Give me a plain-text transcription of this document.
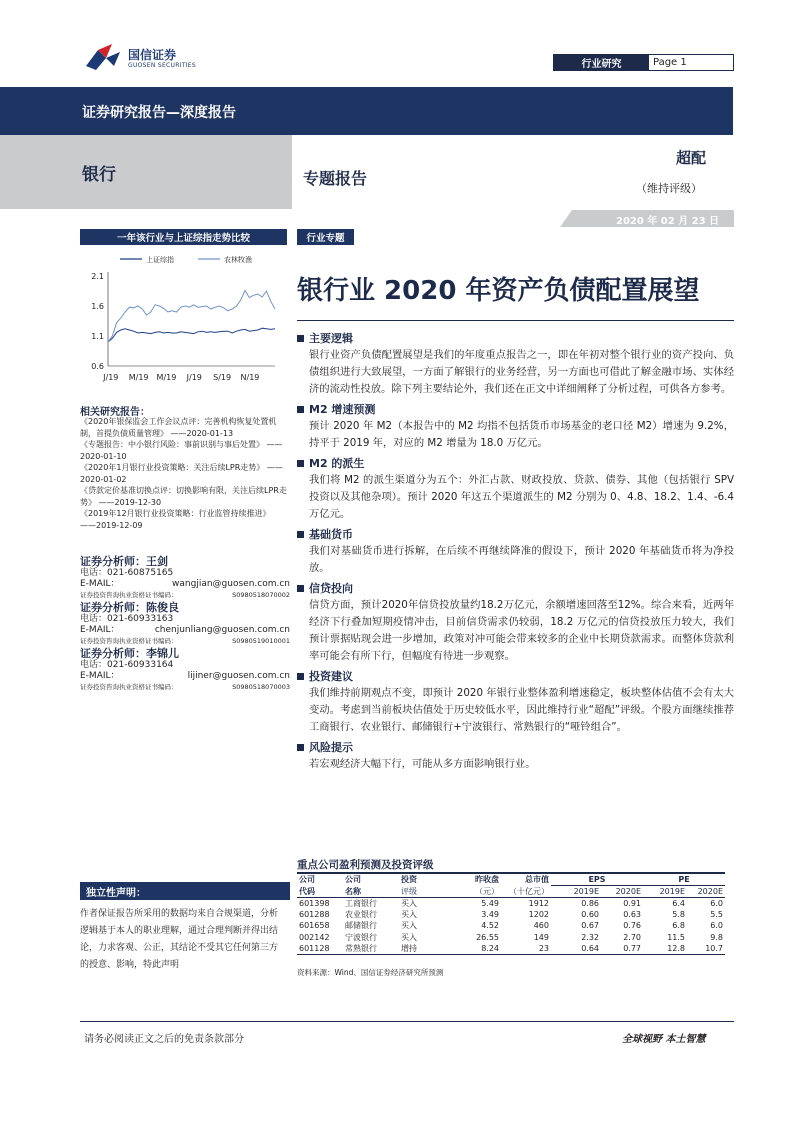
国信证券
GUOSEN SECURITIES	行业研究	Page 1
证券研究报告—深度报告
银行	专题报告
超配
（维持评级）
2020 年 02 月 23 日
一年该行业与上证综指走势比较
上证综指	农林牧渔
0.6
1.1
1.6
2.1
J/19 M/19 M/19 J/19 S/19 N/19
相关研究报告：
《2020年银保监会工作会议点评：完善机构恢复处置机制，首提负债质量管理》 ——2020-01-13
《专题报告：中小银行风险：事前识别与事后处置》 ——2020-01-10
《2020年1月银行业投资策略：关注后续LPR走势》 ——2020-01-02
《贷款定价基准切换点评：切换影响有限，关注后续LPR走势》 ——2019-12-30
《2019年12月银行业投资策略：行业监管持续推进》 ——2019-12-09
证券分析师：王剑
电话： 021-60875165
E-MAIL：	wangjian@guosen.com.cn
证券投资咨询执业资格证书编码：	S0980518070002
证券分析师：陈俊良
电话： 021-60933163
E-MAIL：	chenjunliang@guosen.com.cn
证券投资咨询执业资格证书编码：	S0980519010001
证券分析师：李锦儿
电话： 021-60933164
E-MAIL：	lijiner@guosen.com.cn
证券投资咨询执业资格证书编码：	S0980518070003
独立性声明：
作者保证报告所采用的数据均来自合规渠道，分析逻辑基于本人的职业理解，通过合理判断并得出结论，力求客观、公正，其结论不受其它任何第三方的授意、影响，特此声明
行业专题
银行业 2020 年资产负债配置展望
主要逻辑
银行业资产负债配置展望是我们的年度重点报告之一，即在年初对整个银行业的资产投向、负债组织进行大致展望，一方面了解银行的业务经营，另一方面也可借此了解金融市场、实体经济的流动性投放。除下列主要结论外，我们还在正文中详细阐释了分析过程，可供各方参考。
M2 增速预测
预计 2020 年 M2（本报告中的 M2 均指不包括货币市场基金的老口径 M2）增速为 9.2%，持平于 2019 年，对应的 M2 增量为 18.0 万亿元。
M2 的派生
我们将 M2 的派生渠道分为五个：外汇占款、财政投放、贷款、债券、其他（包括银行 SPV 投资以及其他杂项）。预计 2020 年这五个渠道派生的 M2 分别为 0、4.8、18.2、1.4、-6.4 万亿元。
基础货币
我们对基础货币进行拆解，在后续不再继续降准的假设下，预计 2020 年基础货币将为净投放。
信贷投向
信贷方面，预计2020年信贷投放量约18.2万亿元，余额增速回落至12%。综合来看，近两年经济下行叠加短期疫情冲击，目前信贷需求仍较弱，18.2 万亿元的信贷投放压力较大，我们预计票据贴现会进一步增加，政策对冲可能会带来较多的企业中长期贷款需求。而整体贷款利率可能会有所下行，但幅度有待进一步观察。
投资建议
我们维持前期观点不变，即预计 2020 年银行业整体盈利增速稳定，板块整体估值不会有太大变动。考虑到当前板块估值处于历史较低水平，因此维持行业“超配”评级。个股方面继续推荐工商银行、农业银行、邮储银行+宁波银行、常熟银行的“哑铃组合”。
风险提示
若宏观经济大幅下行，可能从多方面影响银行业。
重点公司盈利预测及投资评级
公司	公司	投资	昨收盘	总市值	EPS		PE	
代码	名称	评级	（元）	（十亿元）	2019E	2020E	2019E	2020E
601398	工商银行	买入	5.49	1912	0.86	0.91	6.4	6.0
601288	农业银行	买入	3.49	1202	0.60	0.63	5.8	5.5
601658	邮储银行	买入	4.52	460	0.67	0.76	6.8	6.0
002142	宁波银行	买入	26.55	149	2.32	2.70	11.5	9.8
601128	常熟银行	增持	8.24	23	0.64	0.77	12.8	10.7
资料来源：Wind、国信证券经济研究所预测
请务必阅读正文之后的免责条款部分	全球视野 本土智慧
